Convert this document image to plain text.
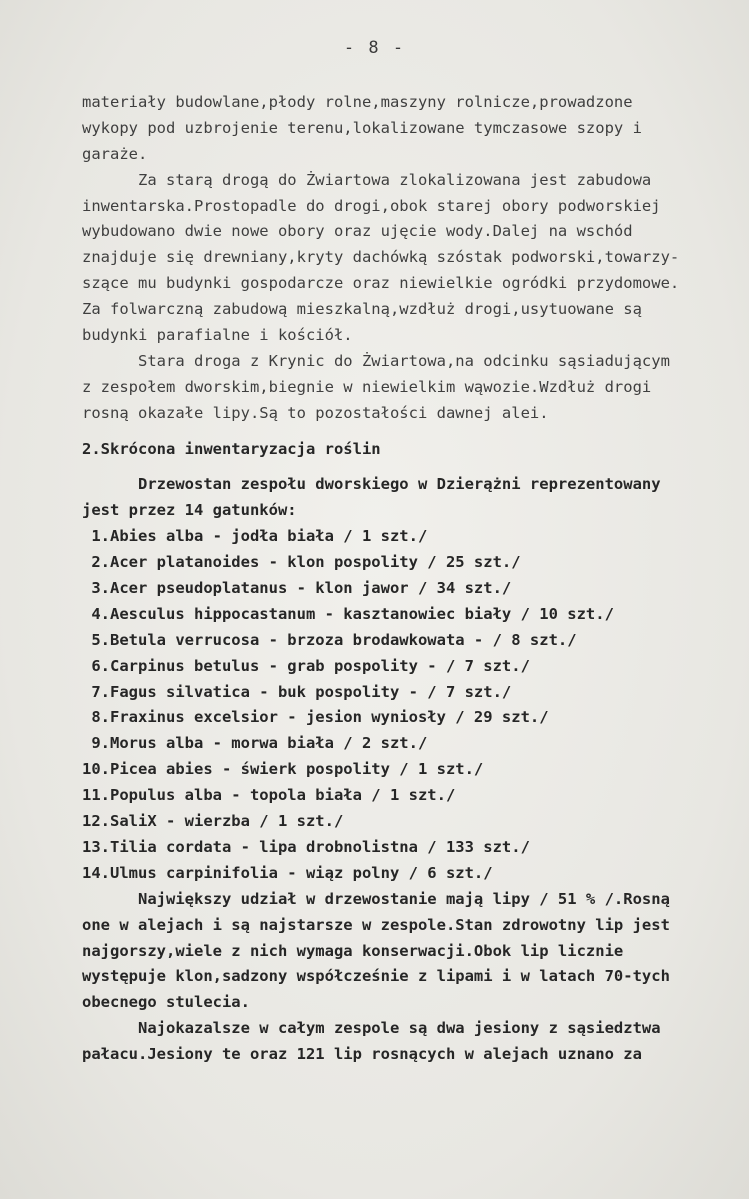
- 8 -
materiały budowlane,płody rolne,maszyny rolnicze,prowadzone
wykopy pod uzbrojenie terenu,lokalizowane tymczasowe szopy i
garaże.
Za starą drogą do Żwiartowa zlokalizowana jest zabudowa
inwentarska.Prostopadle do drogi,obok starej obory podworskiej
wybudowano dwie nowe obory oraz ujęcie wody.Dalej na wschód
znajduje się drewniany,kryty dachówką szóstak podworski,towarzy-
szące mu budynki gospodarcze oraz niewielkie ogródki przydomowe.
Za folwarczną zabudową mieszkalną,wzdłuż drogi,usytuowane są
budynki parafialne i kościół.
Stara droga z Krynic do Żwiartowa,na odcinku sąsiadującym
z zespołem dworskim,biegnie w niewielkim wąwozie.Wzdłuż drogi
rosną okazałe lipy.Są to pozostałości dawnej alei.
2.Skrócona inwentaryzacja roślin
Drzewostan zespołu dworskiego w Dzierążni reprezentowany
jest przez 14 gatunków:
1.Abies alba - jodła biała / 1 szt./
2.Acer platanoides - klon pospolity / 25 szt./
3.Acer pseudoplatanus - klon jawor / 34 szt./
4.Aesculus hippocastanum - kasztanowiec biały / 10 szt./
5.Betula verrucosa - brzoza brodawkowata - / 8 szt./
6.Carpinus betulus - grab pospolity - / 7 szt./
7.Fagus silvatica - buk pospolity - / 7 szt./
8.Fraxinus excelsior - jesion wyniosły / 29 szt./
9.Morus alba - morwa biała / 2 szt./
10.Picea abies - świerk pospolity / 1 szt./
11.Populus alba - topola biała / 1 szt./
12.SaliX - wierzba / 1 szt./
13.Tilia cordata - lipa drobnolistna / 133 szt./
14.Ulmus carpinifolia - wiąz polny / 6 szt./
Największy udział w drzewostanie mają lipy / 51 % /.Rosną
one w alejach i są najstarsze w zespole.Stan zdrowotny lip jest
najgorszy,wiele z nich wymaga konserwacji.Obok lip licznie
występuje klon,sadzony współcześnie z lipami i w latach 70-tych
obecnego stulecia.
Najokazalsze w całym zespole są dwa jesiony z sąsiedztwa
pałacu.Jesiony te oraz 121 lip rosnących w alejach uznano za
